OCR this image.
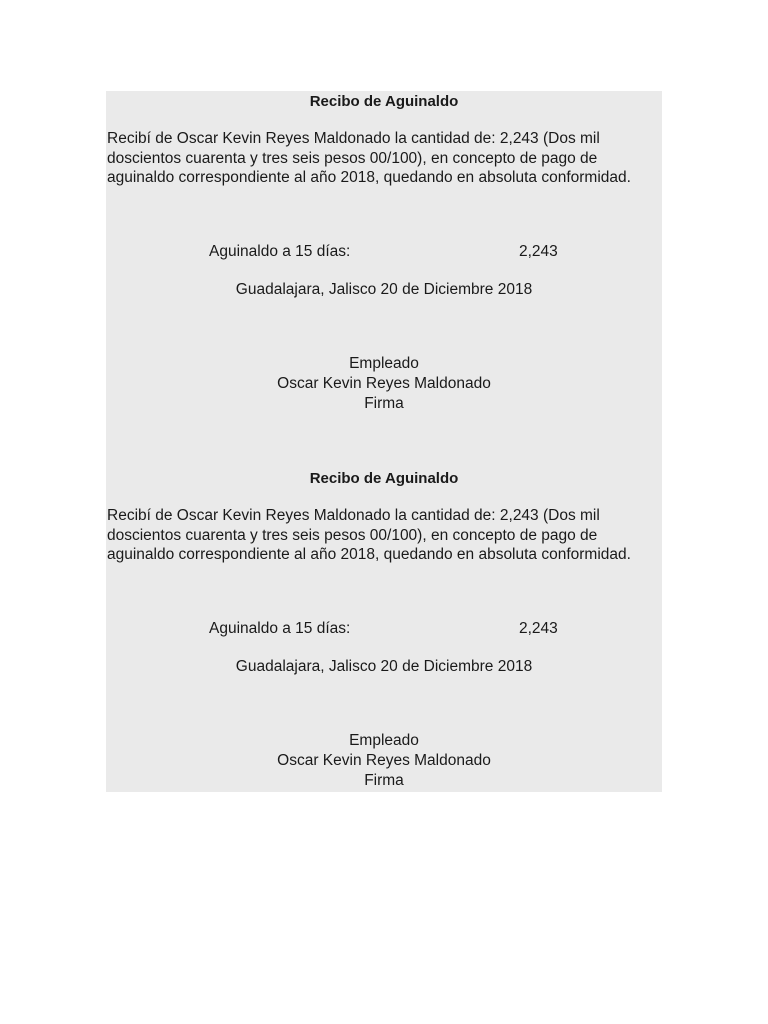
Recibo de Aguinaldo
Recibí de Oscar Kevin Reyes Maldonado la cantidad de: 2,243 (Dos mil
doscientos cuarenta y tres seis pesos 00/100), en concepto de pago de
aguinaldo correspondiente al año 2018, quedando en absoluta conformidad.
Aguinaldo a 15 días:	2,243
Guadalajara, Jalisco 20 de Diciembre 2018
Empleado
Oscar Kevin Reyes Maldonado
Firma
Recibo de Aguinaldo
Recibí de Oscar Kevin Reyes Maldonado la cantidad de: 2,243 (Dos mil
doscientos cuarenta y tres seis pesos 00/100), en concepto de pago de
aguinaldo correspondiente al año 2018, quedando en absoluta conformidad.
Aguinaldo a 15 días:	2,243
Guadalajara, Jalisco 20 de Diciembre 2018
Empleado
Oscar Kevin Reyes Maldonado
Firma
